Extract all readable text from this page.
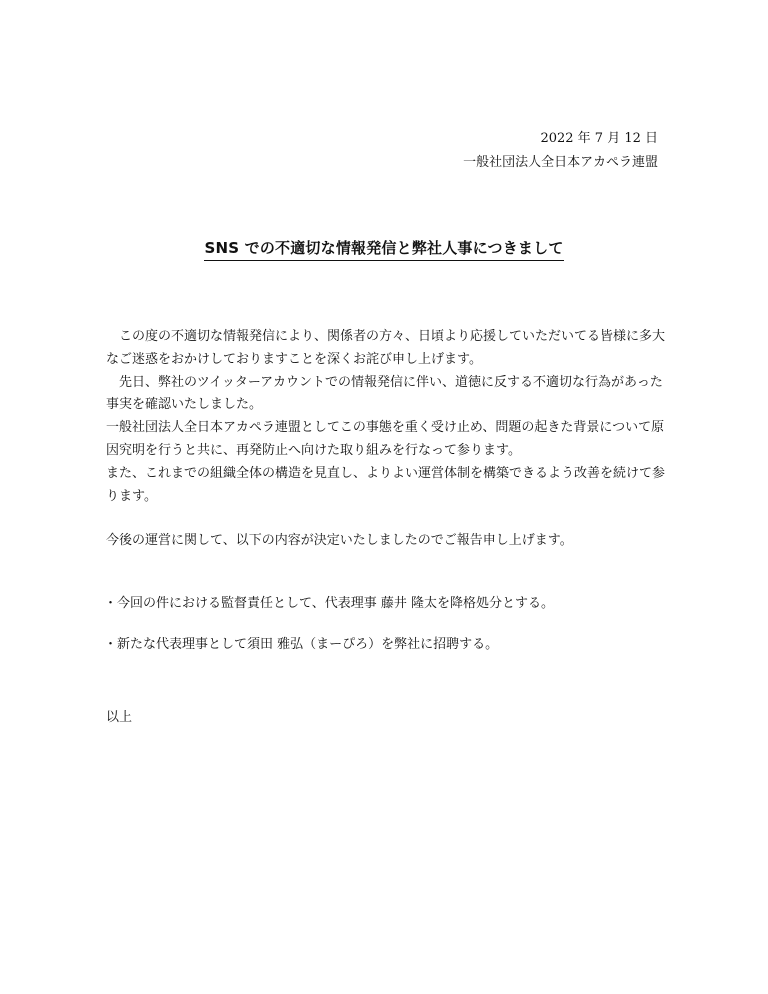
2022 年 7 月 12 日
一般社団法人全日本アカペラ連盟
SNS での不適切な情報発信と弊社人事につきまして

この度の不適切な情報発信により、関係者の方々、日頃より応援していただいてる皆様に多大なご迷惑をおかけしておりますことを深くお詫び申し上げます。

先日、弊社のツイッターアカウントでの情報発信に伴い、道徳に反する不適切な行為があった事実を確認いたしました。

一般社団法人全日本アカペラ連盟としてこの事態を重く受け止め、問題の起きた背景について原因究明を行うと共に、再発防止へ向けた取り組みを行なって参ります。

また、これまでの組織全体の構造を見直し、よりよい運営体制を構築できるよう改善を続けて参ります。

今後の運営に関して、以下の内容が決定いたしましたのでご報告申し上げます。

・今回の件における監督責任として、代表理事 藤井 隆太を降格処分とする。
・新たな代表理事として須田 雅弘（まーぴろ）を弊社に招聘する。
以上
